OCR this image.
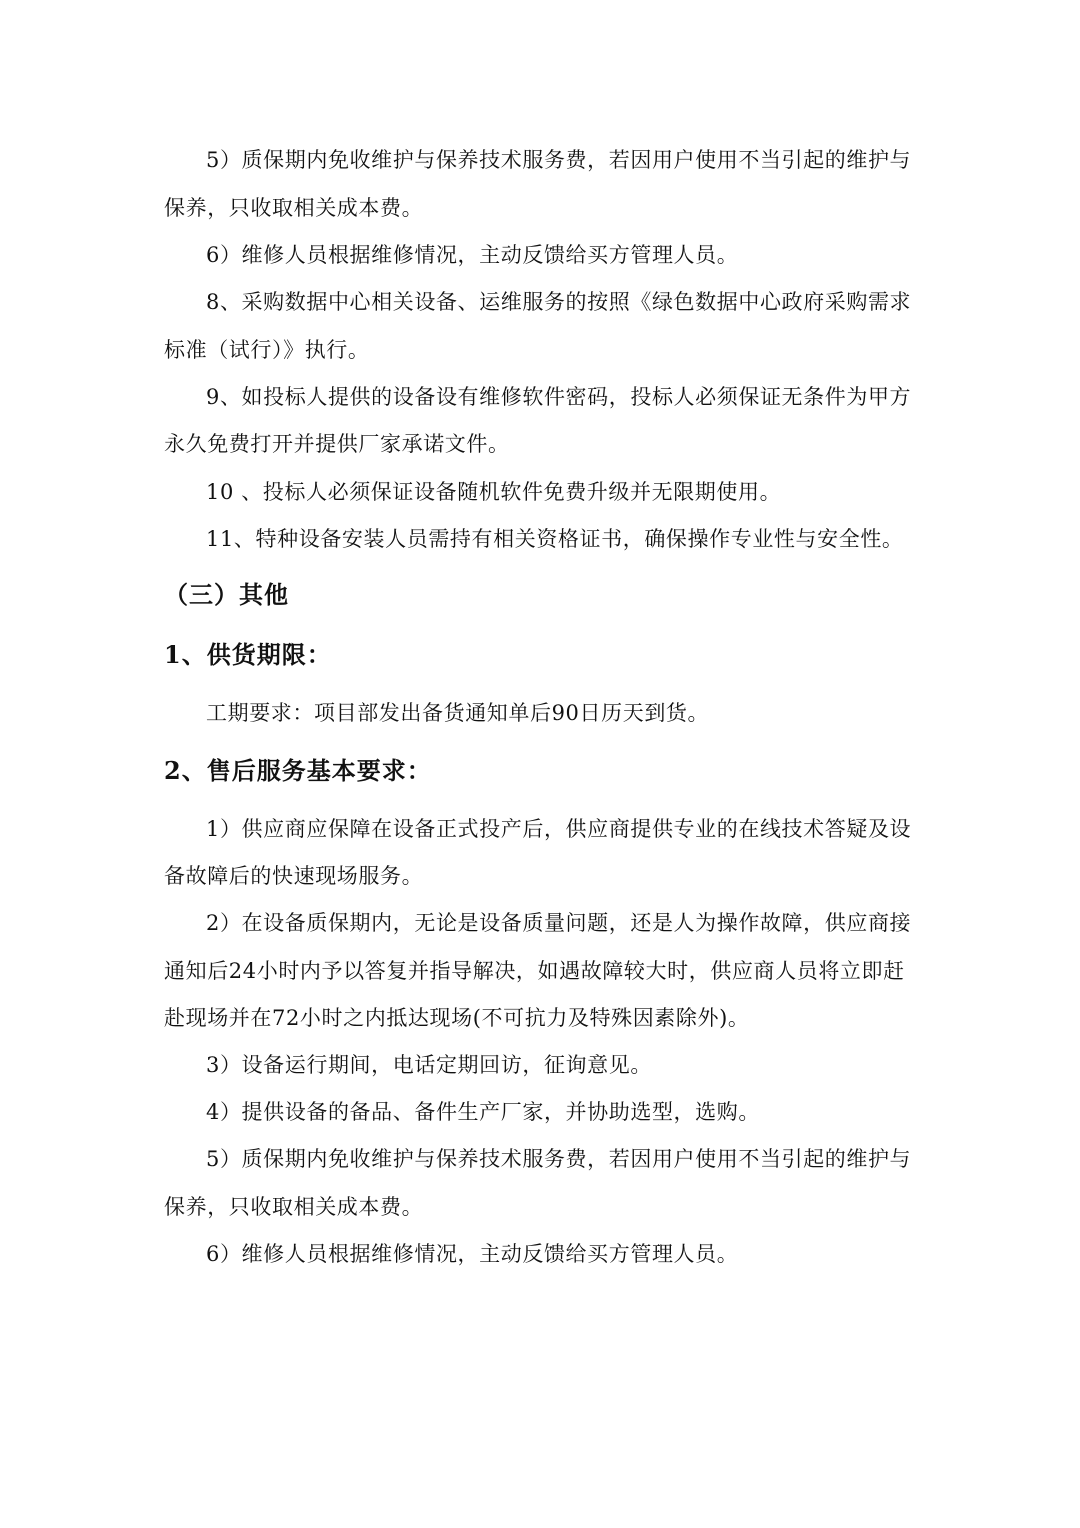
5）质保期内免收维护与保养技术服务费，若因用户使用不当引起的维护与
保养，只收取相关成本费。
6）维修人员根据维修情况，主动反馈给买方管理人员。
8、采购数据中心相关设备、运维服务的按照《绿色数据中心政府采购需求
标准（试行）》执行。
9、如投标人提供的设备设有维修软件密码，投标人必须保证无条件为甲方
永久免费打开并提供厂家承诺文件。
10 、投标人必须保证设备随机软件免费升级并无限期使用。
11、特种设备安装人员需持有相关资格证书，确保操作专业性与安全性。
（三）其他
1、供货期限：
工期要求：项目部发出备货通知单后90日历天到货。
2、售后服务基本要求：
1）供应商应保障在设备正式投产后，供应商提供专业的在线技术答疑及设
备故障后的快速现场服务。
2）在设备质保期内，无论是设备质量问题，还是人为操作故障，供应商接
通知后24小时内予以答复并指导解决，如遇故障较大时，供应商人员将立即赶
赴现场并在72小时之内抵达现场(不可抗力及特殊因素除外)。
3）设备运行期间，电话定期回访，征询意见。
4）提供设备的备品、备件生产厂家，并协助选型，选购。
5）质保期内免收维护与保养技术服务费，若因用户使用不当引起的维护与
保养，只收取相关成本费。
6）维修人员根据维修情况，主动反馈给买方管理人员。
